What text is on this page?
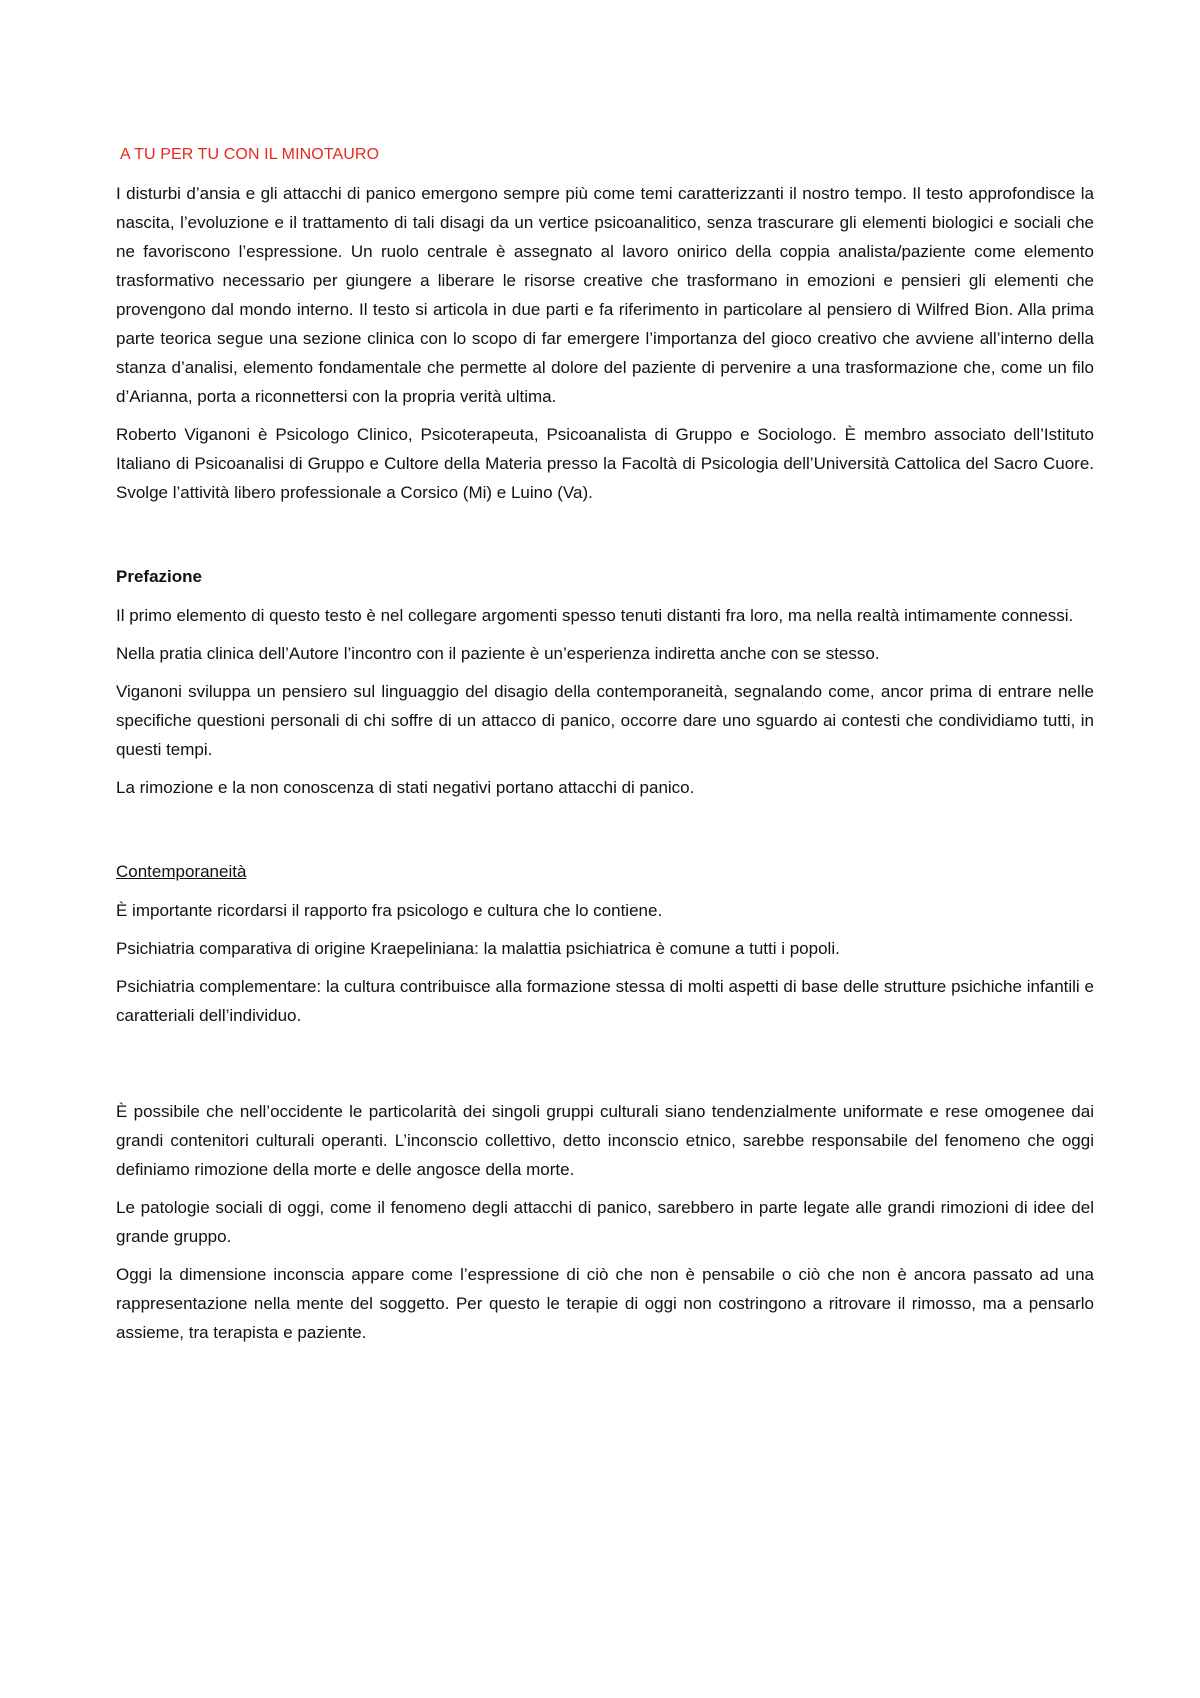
A TU PER TU CON IL MINOTAURO

I disturbi d’ansia e gli attacchi di panico emergono sempre più come temi caratterizzanti il nostro tempo. Il testo approfondisce la nascita, l’evoluzione e il trattamento di tali disagi da un vertice psicoanalitico, senza trascurare gli elementi biologici e sociali che ne favoriscono l’espressione. Un ruolo centrale è assegnato al lavoro onirico della coppia analista/paziente come elemento trasformativo necessario per giungere a liberare le risorse creative che trasformano in emozioni e pensieri gli elementi che provengono dal mondo interno. Il testo si articola in due parti e fa riferimento in particolare al pensiero di Wilfred Bion. Alla prima parte teorica segue una sezione clinica con lo scopo di far emergere l’importanza del gioco creativo che avviene all’interno della stanza d’analisi, elemento fondamentale che permette al dolore del paziente di pervenire a una trasformazione che, come un filo d’Arianna, porta a riconnettersi con la propria verità ultima.

Roberto Viganoni è Psicologo Clinico, Psicoterapeuta, Psicoanalista di Gruppo e Sociologo. È membro associato dell’Istituto Italiano di Psicoanalisi di Gruppo e Cultore della Materia presso la Facoltà di Psicologia dell’Università Cattolica del Sacro Cuore. Svolge l’attività libero professionale a Corsico (Mi) e Luino (Va).

Prefazione

Il primo elemento di questo testo è nel collegare argomenti spesso tenuti distanti fra loro, ma nella realtà intimamente connessi.

Nella pratia clinica dell’Autore l’incontro con il paziente è un’esperienza indiretta anche con se stesso.

Viganoni sviluppa un pensiero sul linguaggio del disagio della contemporaneità, segnalando come, ancor prima di entrare nelle specifiche questioni personali di chi soffre di un attacco di panico, occorre dare uno sguardo ai contesti che condividiamo tutti, in questi tempi.

La rimozione e la non conoscenza di stati negativi portano attacchi di panico.

Contemporaneità

È importante ricordarsi il rapporto fra psicologo e cultura che lo contiene.

Psichiatria comparativa di origine Kraepeliniana: la malattia psichiatrica è comune a tutti i popoli.

Psichiatria complementare: la cultura contribuisce alla formazione stessa di molti aspetti di base delle strutture psichiche infantili e caratteriali dell’individuo.

È possibile che nell’occidente le particolarità dei singoli gruppi culturali siano tendenzialmente uniformate e rese omogenee dai grandi contenitori culturali operanti. L’inconscio collettivo, detto inconscio etnico, sarebbe responsabile del fenomeno che oggi definiamo rimozione della morte e delle angosce della morte.

Le patologie sociali di oggi, come il fenomeno degli attacchi di panico, sarebbero in parte legate alle grandi rimozioni di idee del grande gruppo.

Oggi la dimensione inconscia appare come l’espressione di ciò che non è pensabile o ciò che non è ancora passato ad una rappresentazione nella mente del soggetto. Per questo le terapie di oggi non costringono a ritrovare il rimosso, ma a pensarlo assieme, tra terapista e paziente.
